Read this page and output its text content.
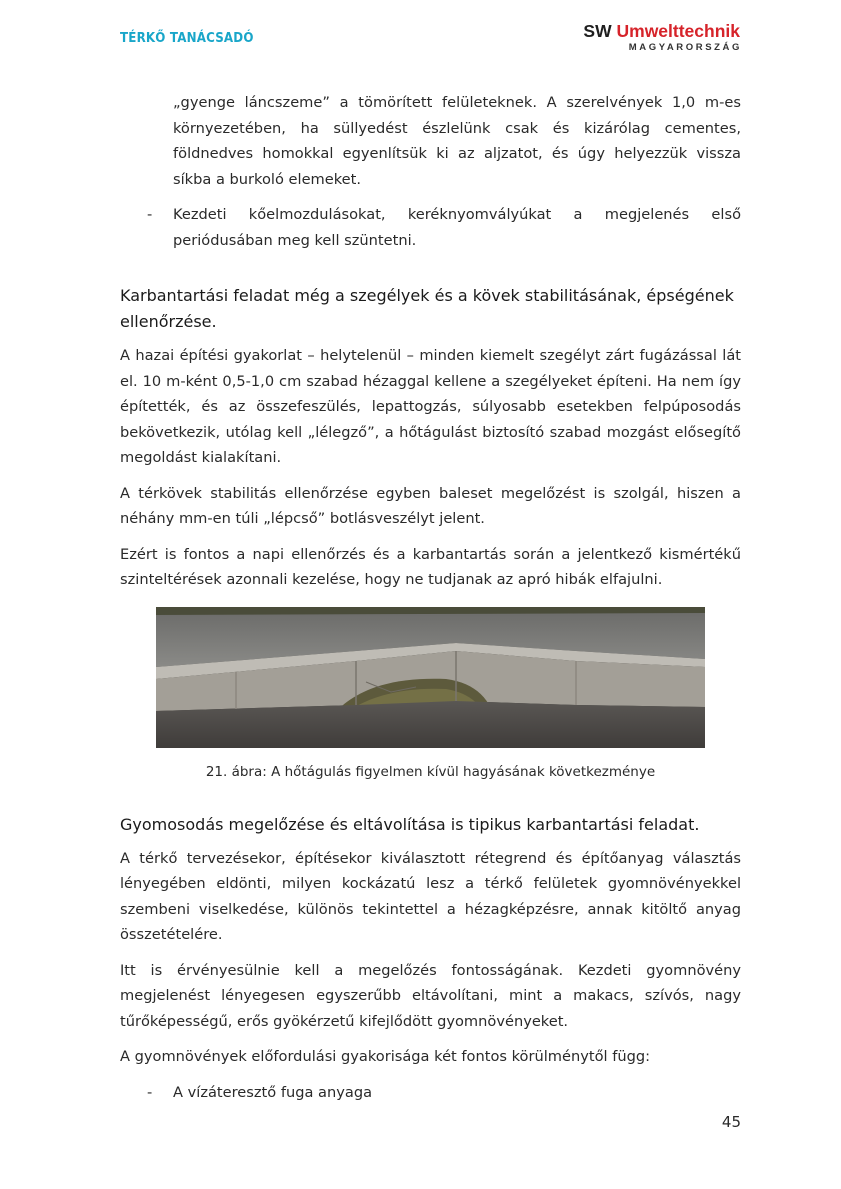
TÉRKŐ TANÁCSADÓ	SW Umwelttechnik
MAGYARORSZÁG

„gyenge láncszeme” a tömörített felületeknek. A szerelvények 1,0 m-es környezetében, ha süllyedést észlelünk csak és kizárólag cementes, földnedves homokkal egyenlítsük ki az aljzatot, és úgy helyezzük vissza síkba a burkoló elemeket.

- Kezdeti kőelmozdulásokat, keréknyomvályúkat a megjelenés első periódusában meg kell szüntetni.
Karbantartási feladat még a szegélyek és a kövek stabilitásának, épségének ellenőrzése.

A hazai építési gyakorlat – helytelenül – minden kiemelt szegélyt zárt fugázással lát el. 10 m-ként 0,5-1,0 cm szabad hézaggal kellene a szegélyeket építeni. Ha nem így építették, és az összefeszülés, lepattogzás, súlyosabb esetekben felpúposodás bekövetkezik, utólag kell „lélegző”, a hőtágulást biztosító szabad mozgást elősegítő megoldást kialakítani.

A térkövek stabilitás ellenőrzése egyben baleset megelőzést is szolgál, hiszen a néhány mm-en túli „lépcső” botlásveszélyt jelent.

Ezért is fontos a napi ellenőrzés és a karbantartás során a jelentkező kismértékű szinteltérések azonnali kezelése, hogy ne tudjanak az apró hibák elfajulni.

21. ábra: A hőtágulás figyelmen kívül hagyásának következménye
Gyomosodás megelőzése és eltávolítása is tipikus karbantartási feladat.

A térkő tervezésekor, építésekor kiválasztott rétegrend és építőanyag választás lényegében eldönti, milyen kockázatú lesz a térkő felületek gyomnövényekkel szembeni viselkedése, különös tekintettel a hézagképzésre, annak kitöltő anyag összetételére.

Itt is érvényesülnie kell a megelőzés fontosságának. Kezdeti gyomnövény megjelenést lényegesen egyszerűbb eltávolítani, mint a makacs, szívós, nagy tűrőképességű, erős gyökérzetű kifejlődött gyomnövényeket.

A gyomnövények előfordulási gyakorisága két fontos körülménytől függ:

- A vízáteresztő fuga anyaga
45
